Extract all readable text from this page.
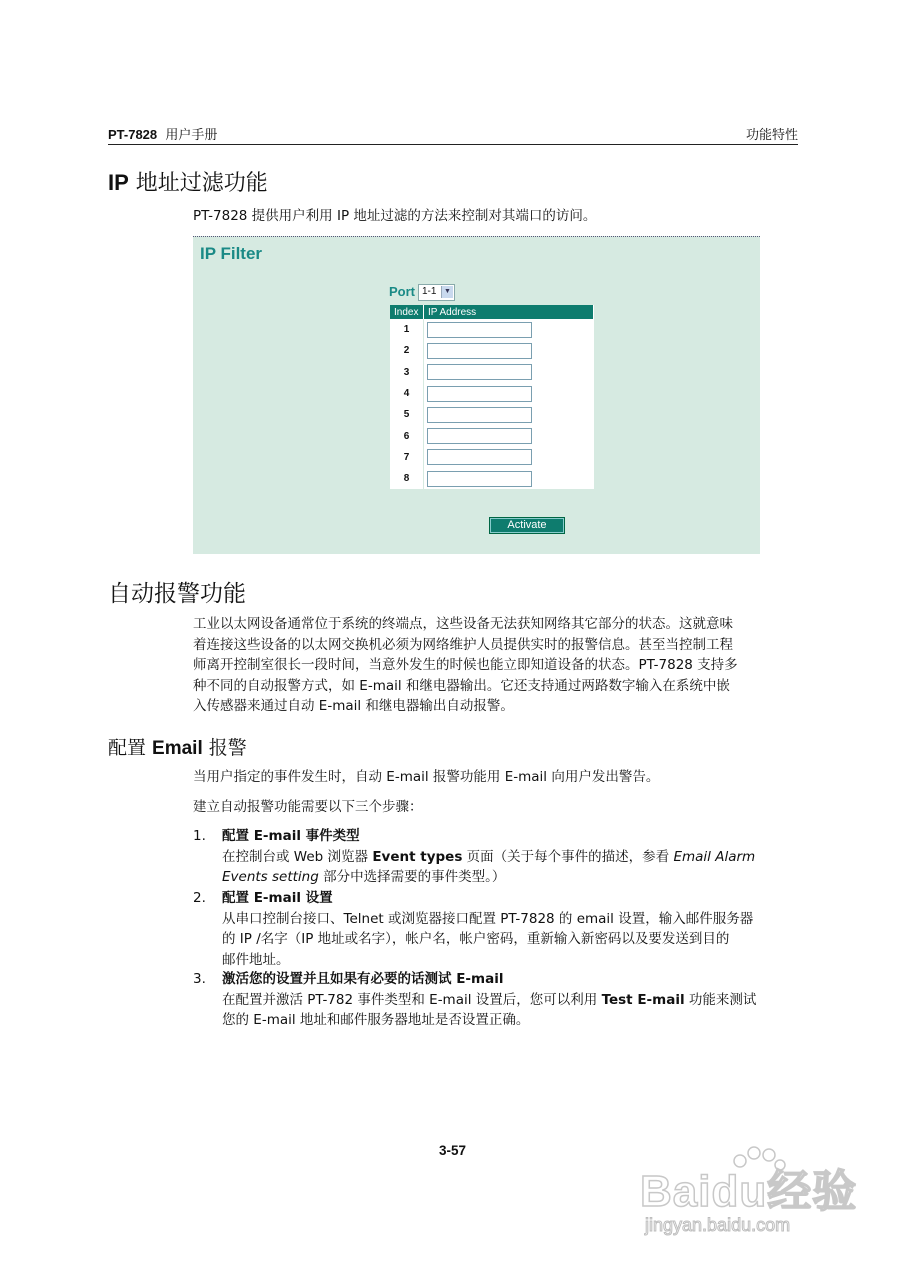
PT-7828 用户手册	功能特性
IP 地址过滤功能

PT-7828 提供用户利用 IP 地址过滤的方法来控制对其端口的访问。

IP Filter
Port 1-1	▼
Index	IP Address
1	

2	

3	

4	

5	

6	

7	

8	
Activate
自动报警功能
工业以太网设备通常位于系统的终端点，这些设备无法获知网络其它部分的状态。这就意味
着连接这些设备的以太网交换机必须为网络维护人员提供实时的报警信息。甚至当控制工程
师离开控制室很长一段时间，当意外发生的时候也能立即知道设备的状态。PT-7828 支持多
种不同的自动报警方式，如 E-mail 和继电器输出。它还支持通过两路数字输入在系统中嵌
入传感器来通过自动 E-mail 和继电器输出自动报警。
配置 Email 报警

当用户指定的事件发生时，自动 E-mail 报警功能用 E-mail 向用户发出警告。

建立自动报警功能需要以下三个步骤：

1. 配置 E-mail 事件类型
在控制台或 Web 浏览器 Event types 页面（关于每个事件的描述，参看 Email Alarm
Events setting 部分中选择需要的事件类型。）
2. 配置 E-mail 设置
从串口控制台接口、Telnet 或浏览器接口配置 PT-7828 的 email 设置，输入邮件服务器
的 IP /名字（IP 地址或名字），帐户名，帐户密码，重新输入新密码以及要发送到目的
邮件地址。
3. 激活您的设置并且如果有必要的话测试 E-mail
在配置并激活 PT-782 事件类型和 E-mail 设置后，您可以利用 Test E-mail 功能来测试
您的 E-mail 地址和邮件服务器地址是否设置正确。
3-57
Baidu经验
jingyan.baidu.com
